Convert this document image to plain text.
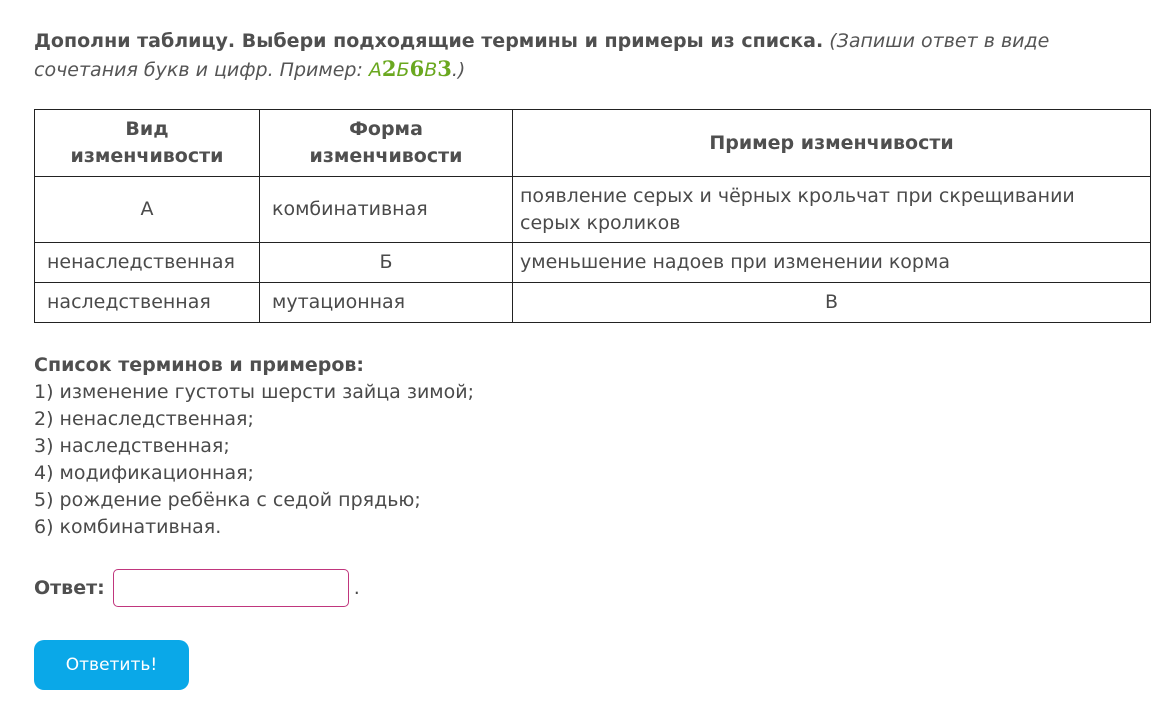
Дополни таблицу. Выбери подходящие термины и примеры из списка. (Запиши ответ в виде сочетания букв и цифр. Пример: А2Б6В3.)
Вид изменчивости	Форма изменчивости	Пример изменчивости
А	комбинативная	появление серых и чёрных крольчат при скрещивании серых кроликов
ненаследственная	Б	уменьшение надоев при изменении корма
наследственная	мутационная	В
Список терминов и примеров:
1) изменение густоты шерсти зайца зимой;
2) ненаследственная;
3) наследственная;
4) модификационная;
5) рождение ребёнка с седой прядью;
6) комбинативная.
Ответ:	.
Ответить!
